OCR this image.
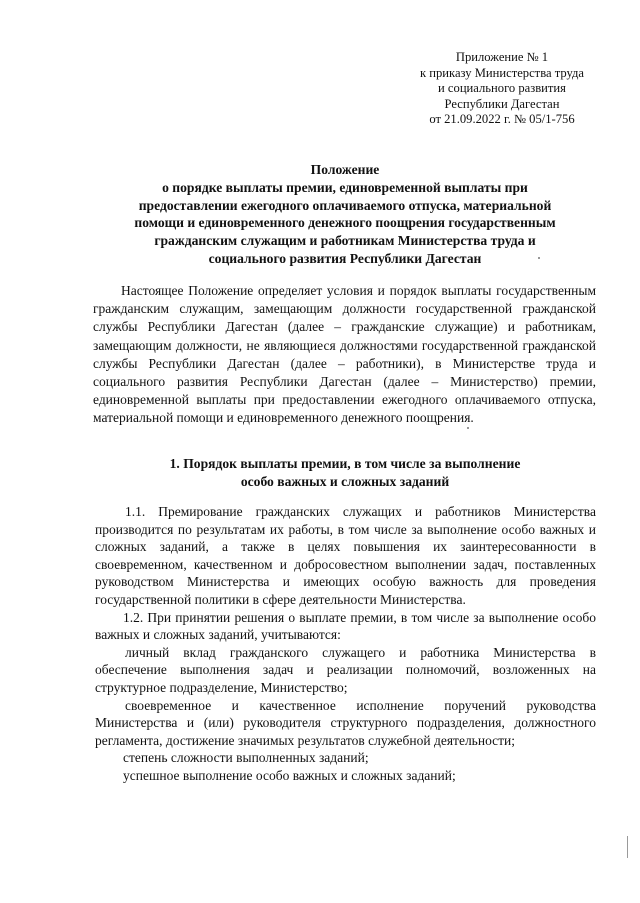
Приложение № 1
к приказу Министерства труда
и социального развития
Республики Дагестан
от 21.09.2022 г. № 05/1-756
Положение
о порядке выплаты премии, единовременной выплаты при
предоставлении ежегодного оплачиваемого отпуска, материальной
помощи и единовременного денежного поощрения государственным
гражданским служащим и работникам Министерства труда и
социального развития Республики Дагестан

Настоящее Положение определяет условия и порядок выплаты государственным гражданским служащим, замещающим должности государственной гражданской службы Республики Дагестан (далее – гражданские служащие) и работникам, замещающим должности, не являющиеся должностями государственной гражданской службы Республики Дагестан (далее – работники), в Министерстве труда и социального развития Республики Дагестан (далее – Министерство) премии, единовременной выплаты при предоставлении ежегодного оплачиваемого отпуска, материальной помощи и единовременного денежного поощрения.

1. Порядок выплаты премии, в том числе за выполнение
особо важных и сложных заданий

1.1. Премирование гражданских служащих и работников Министерства производится по результатам их работы, в том числе за выполнение особо важных и сложных заданий, а также в целях повышения их заинтересованности в своевременном, качественном и добросовестном выполнении задач, поставленных руководством Министерства и имеющих особую важность для проведения государственной политики в сфере деятельности Министерства.

1.2. При принятии решения о выплате премии, в том числе за выполнение особо важных и сложных заданий, учитываются:

личный вклад гражданского служащего и работника Министерства в обеспечение выполнения задач и реализации полномочий, возложенных на структурное подразделение, Министерство;

своевременное и качественное исполнение поручений руководства Министерства и (или) руководителя структурного подразделения, должностного регламента, достижение значимых результатов служебной деятельности;

степень сложности выполненных заданий;

успешное выполнение особо важных и сложных заданий;
